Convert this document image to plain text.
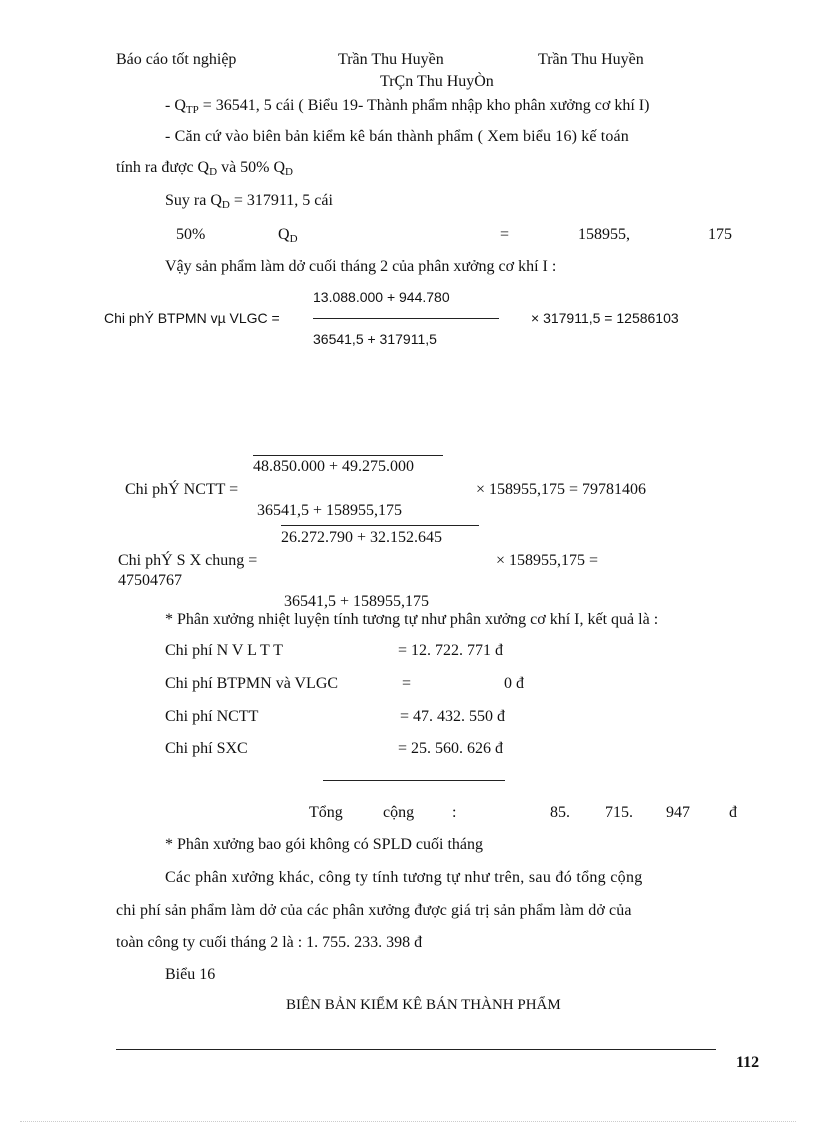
Báo cáo tốt nghiệp	Trần Thu Huyền	Trần Thu Huyền
TrÇn Thu HuyÒn
- $Q_{TP} = 36541$, 5 cái ( Biểu 19- Thành phẩm nhập kho phân xưởng cơ khí I)
- Căn cứ vào biên bản kiểm kê bán thành phẩm ( Xem biểu 16) kế toán
tính ra được $Q_D$ và 50% $Q_D$
Suy ra $Q_D = 317911$, 5 cái
50%	$Q_D$	=	158955,	175
Vậy sản phẩm làm dở cuối tháng 2 của phân xưởng cơ khí I :
13.088.000 + 944.780
Chi phÝ BTPMN vµ VLGC =	× 317911,5 = 12586103
36541,5 + 317911,5
48.850.000 + 49.275.000
Chi phÝ NCTT =	× 158955,175 = 79781406
36541,5 + 158955,175
26.272.790 + 32.152.645
Chi phÝ S X chung =	× 158955,175 =
47504767
36541,5 + 158955,175
* Phân xưởng nhiệt luyện tính tương tự như phân xưởng cơ khí I, kết quả là :
Chi phí N V L T T	= 12. 722. 771 đ
Chi phí BTPMN và VLGC	=	0 đ
Chi phí NCTT	= 47. 432. 550 đ
Chi phí SXC	= 25. 560. 626 đ
Tổng	cộng :	85. 715. 947 đ
* Phân xưởng bao gói không có SPLD cuối tháng
Các phân xưởng khác, công ty tính tương tự như trên, sau đó tổng cộng
chi phí sản phẩm làm dở của các phân xưởng được giá trị sản phẩm làm dở của
toàn công ty cuối tháng 2 là : 1. 755. 233. 398 đ
Biểu 16
BIÊN BẢN KIỂM KÊ BÁN THÀNH PHẨM
112
